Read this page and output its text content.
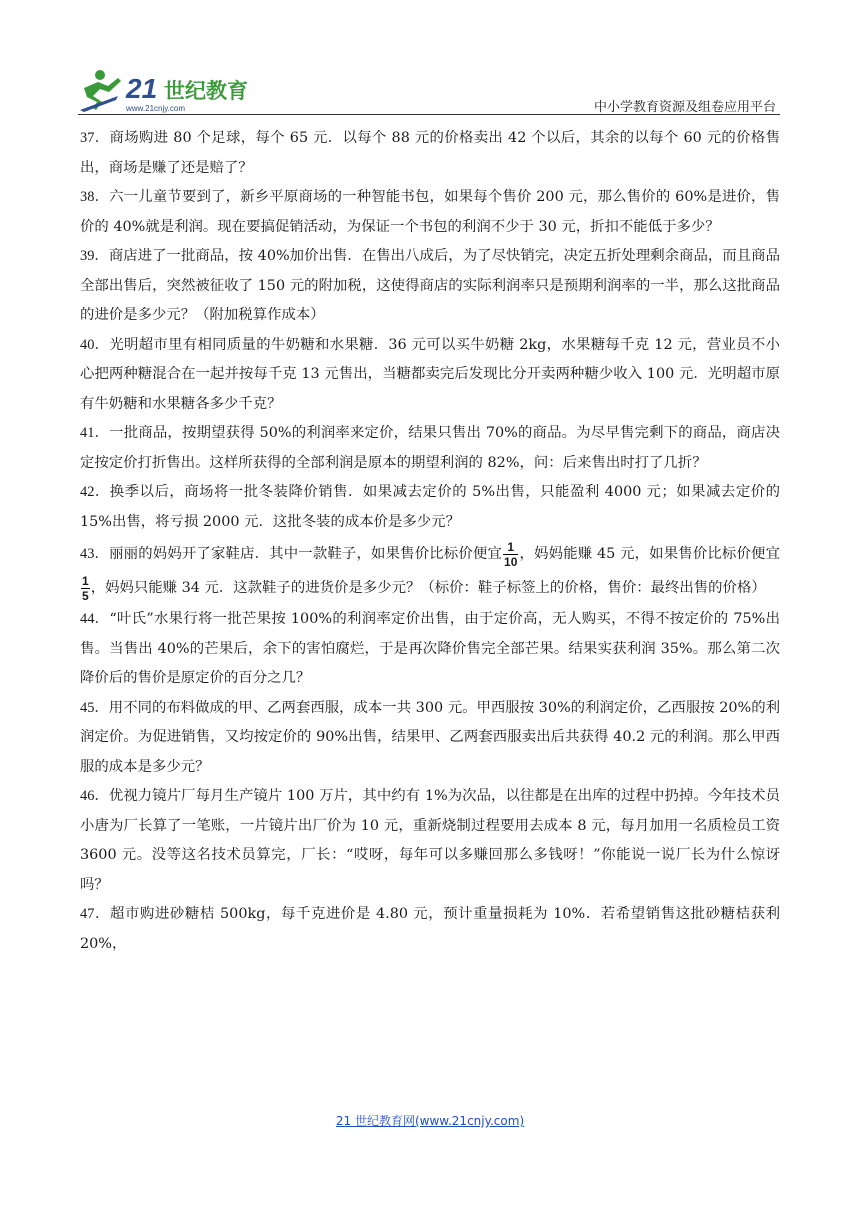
21 世纪教育
www.21cnjy.com	中小学教育资源及组卷应用平台

37．商场购进 80 个足球，每个 65 元．以每个 88 元的价格卖出 42 个以后，其余的以每个 60 元的价格售出，商场是赚了还是赔了？

38．六一儿童节要到了，新乡平原商场的一种智能书包，如果每个售价 200 元，那么售价的 60%是进价，售价的 40%就是利润。现在要搞促销活动，为保证一个书包的利润不少于 30 元，折扣不能低于多少？

39．商店进了一批商品，按 40%加价出售．在售出八成后，为了尽快销完，决定五折处理剩余商品，而且商品全部出售后，突然被征收了 150 元的附加税，这使得商店的实际利润率只是预期利润率的一半，那么这批商品的进价是多少元？（附加税算作成本）

40．光明超市里有相同质量的牛奶糖和水果糖．36 元可以买牛奶糖 2kg，水果糖每千克 12 元，营业员不小心把两种糖混合在一起并按每千克 13 元售出，当糖都卖完后发现比分开卖两种糖少收入 100 元．光明超市原有牛奶糖和水果糖各多少千克？

41．一批商品，按期望获得 50%的利润率来定价，结果只售出 70%的商品。为尽早售完剩下的商品，商店决定按定价打折售出。这样所获得的全部利润是原本的期望利润的 82%，问：后来售出时打了几折？

42．换季以后，商场将一批冬装降价销售．如果减去定价的 5%出售，只能盈利 4000 元；如果减去定价的 15%出售，将亏损 2000 元．这批冬装的成本价是多少元？

43．丽丽的妈妈开了家鞋店．其中一款鞋子，如果售价比标价便宜 $\frac{1}{10}$ ，妈妈能赚 45 元，如果售价比标价便宜
$\frac{1}{5}$ ，妈妈只能赚 34 元．这款鞋子的进货价是多少元？（标价：鞋子标签上的价格，售价：最终出售的价格）

44．“叶氏”水果行将一批芒果按 100%的利润率定价出售，由于定价高，无人购买，不得不按定价的 75%出售。当售出 40%的芒果后，余下的害怕腐烂，于是再次降价售完全部芒果。结果实获利润 35%。那么第二次降价后的售价是原定价的百分之几？

45．用不同的布料做成的甲、乙两套西服，成本一共 300 元。甲西服按 30%的利润定价，乙西服按 20%的利润定价。为促进销售，又均按定价的 90%出售，结果甲、乙两套西服卖出后共获得 40.2 元的利润。那么甲西服的成本是多少元？

46．优视力镜片厂每月生产镜片 100 万片，其中约有 1%为次品，以往都是在出库的过程中扔掉。今年技术员小唐为厂长算了一笔账，一片镜片出厂价为 10 元，重新烧制过程要用去成本 8 元，每月加用一名质检员工资 3600 元。没等这名技术员算完，厂长：“哎呀，每年可以多赚回那么多钱呀！”你能说一说厂长为什么惊讶吗？

47．超市购进砂糖桔 500kg，每千克进价是 4.80 元，预计重量损耗为 10%．若希望销售这批砂糖桔获利 20%，

21 世纪教育网(www.21cnjy.com)
